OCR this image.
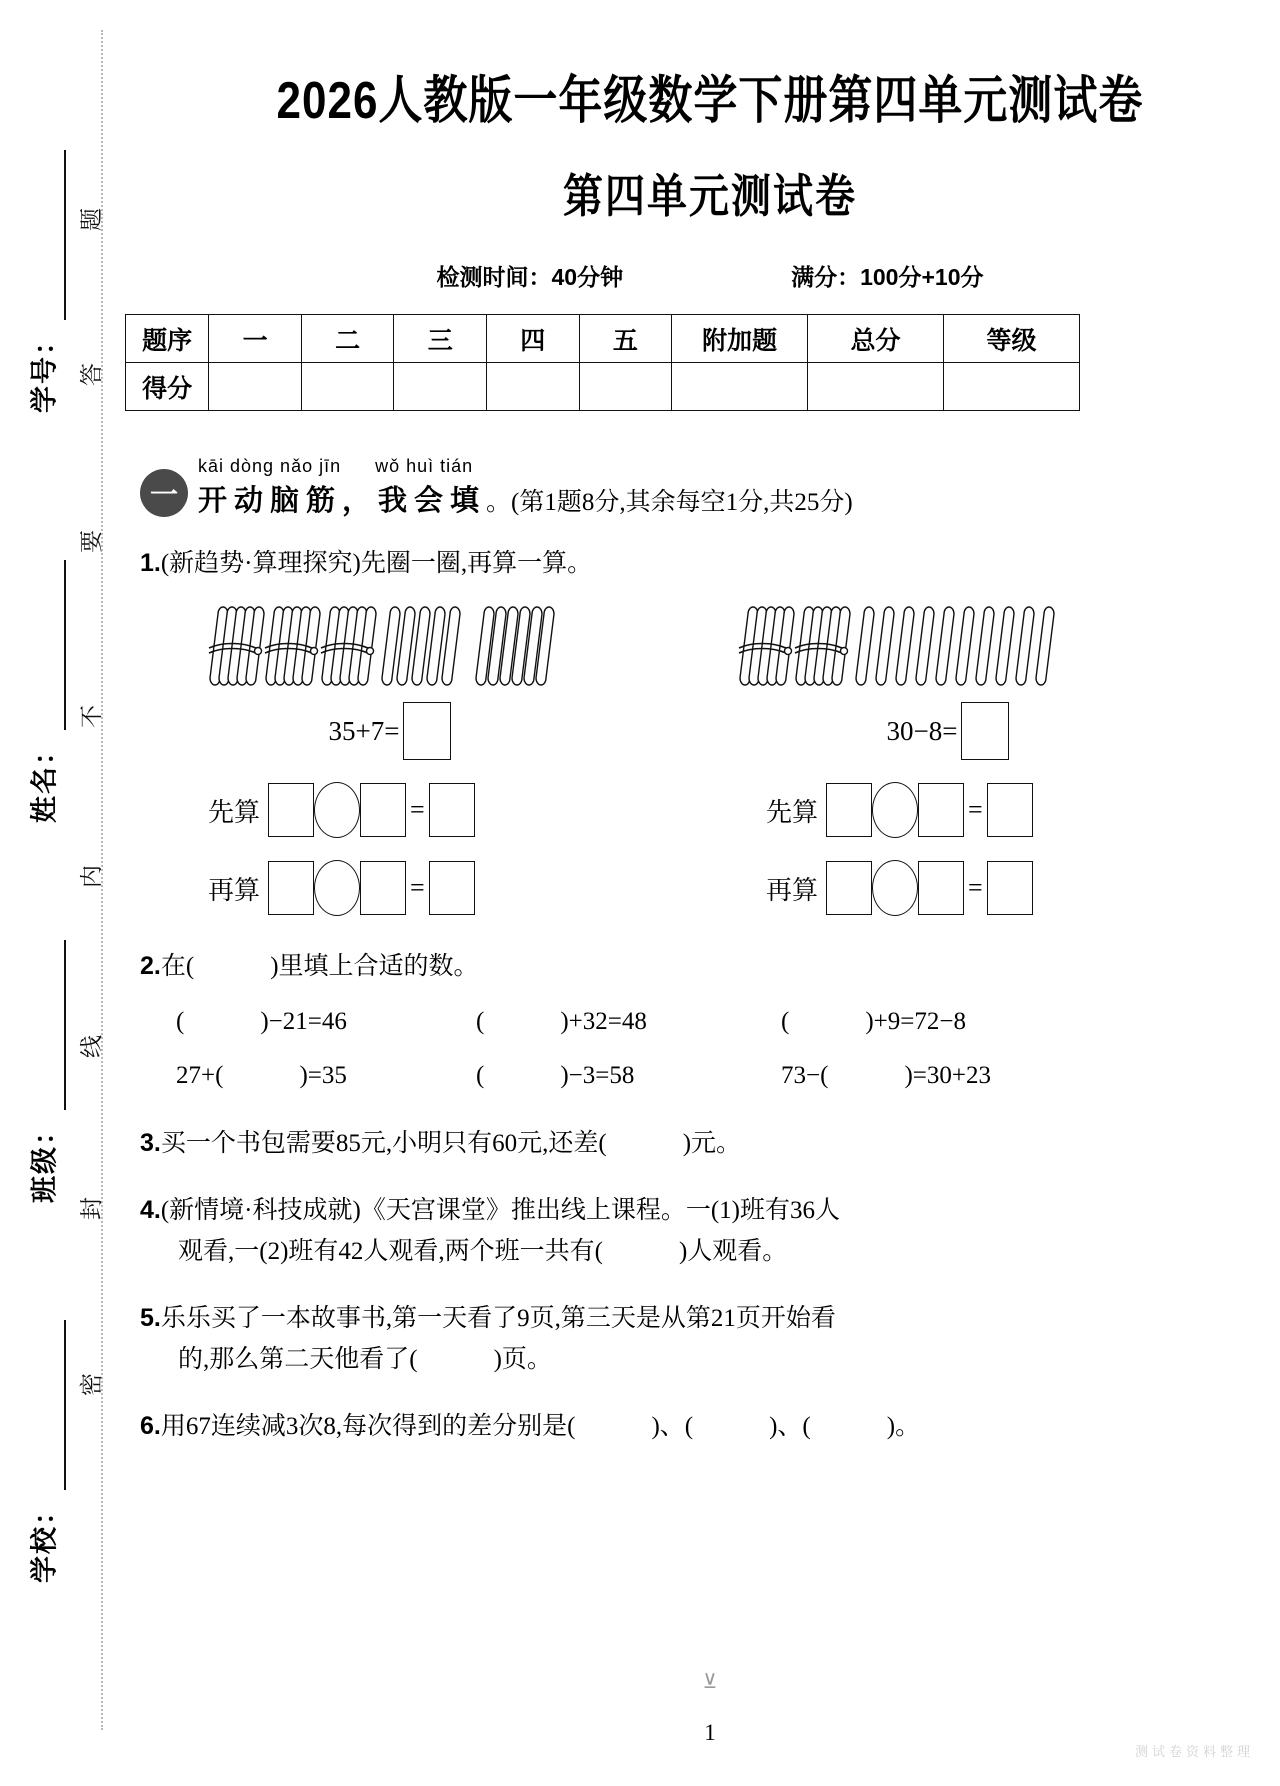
学号：
姓名：
班级：
学校：
题
答
要
不
内
线
封
密
2026人教版一年级数学下册第四单元测试卷
第四单元测试卷
检测时间：40分钟	满分：100分+10分
题序	一	二	三	四	五	附加题	总分	等级
得分								
一
kāi dòng nǎo jīn wǒ huì tián
开动脑筋，我会填 。(第1题8分,其余每空1分,共25分)
1.(新趋势·算理探究)先圈一圈,再算一算。
35+7=
先算	=
再算	=
30−8=
先算	=
再算	=
2.在(	)里填上合适的数。
(	)−21=46	(	)+32=48	(	)+9=72−8
27+(	)=35	(	)−3=58	73−(	)=30+23
3.买一个书包需要85元,小明只有60元,还差(	)元。
4.(新情境·科技成就)《天宫课堂》推出线上课程。一(1)班有36人
观看,一(2)班有42人观看,两个班一共有(	)人观看。
5.乐乐买了一本故事书,第一天看了9页,第三天是从第21页开始看
的,那么第二天他看了(	)页。
6.用67连续减3次8,每次得到的差分别是(	)、(	)、(	)。
⊻
1
测试卷资料整理
